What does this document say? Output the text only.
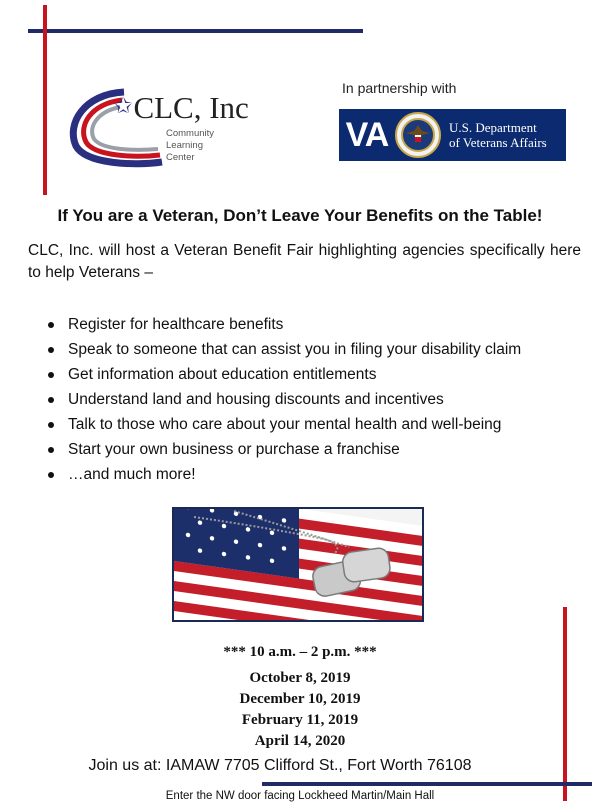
✩CLC, Inc
Community
Learning
Center
In partnership with
VA	U.S. Department
of Veterans Affairs
If You are a Veteran, Don’t Leave Your Benefits on the Table!
CLC, Inc. will host a Veteran Benefit Fair highlighting agencies specifically here to help Veterans –
Register for healthcare benefits
Speak to someone that can assist you in filing your disability claim
Get information about education entitlements
Understand land and housing discounts and incentives
Talk to those who care about your mental health and well-being
Start your own business or purchase a franchise
…and much more!
*** 10 a.m. – 2 p.m. ***
October 8, 2019
December 10, 2019
February 11, 2019
April 14, 2020
Join us at: IAMAW 7705 Clifford St., Fort Worth 76108
Enter the NW door facing Lockheed Martin/Main Hall
